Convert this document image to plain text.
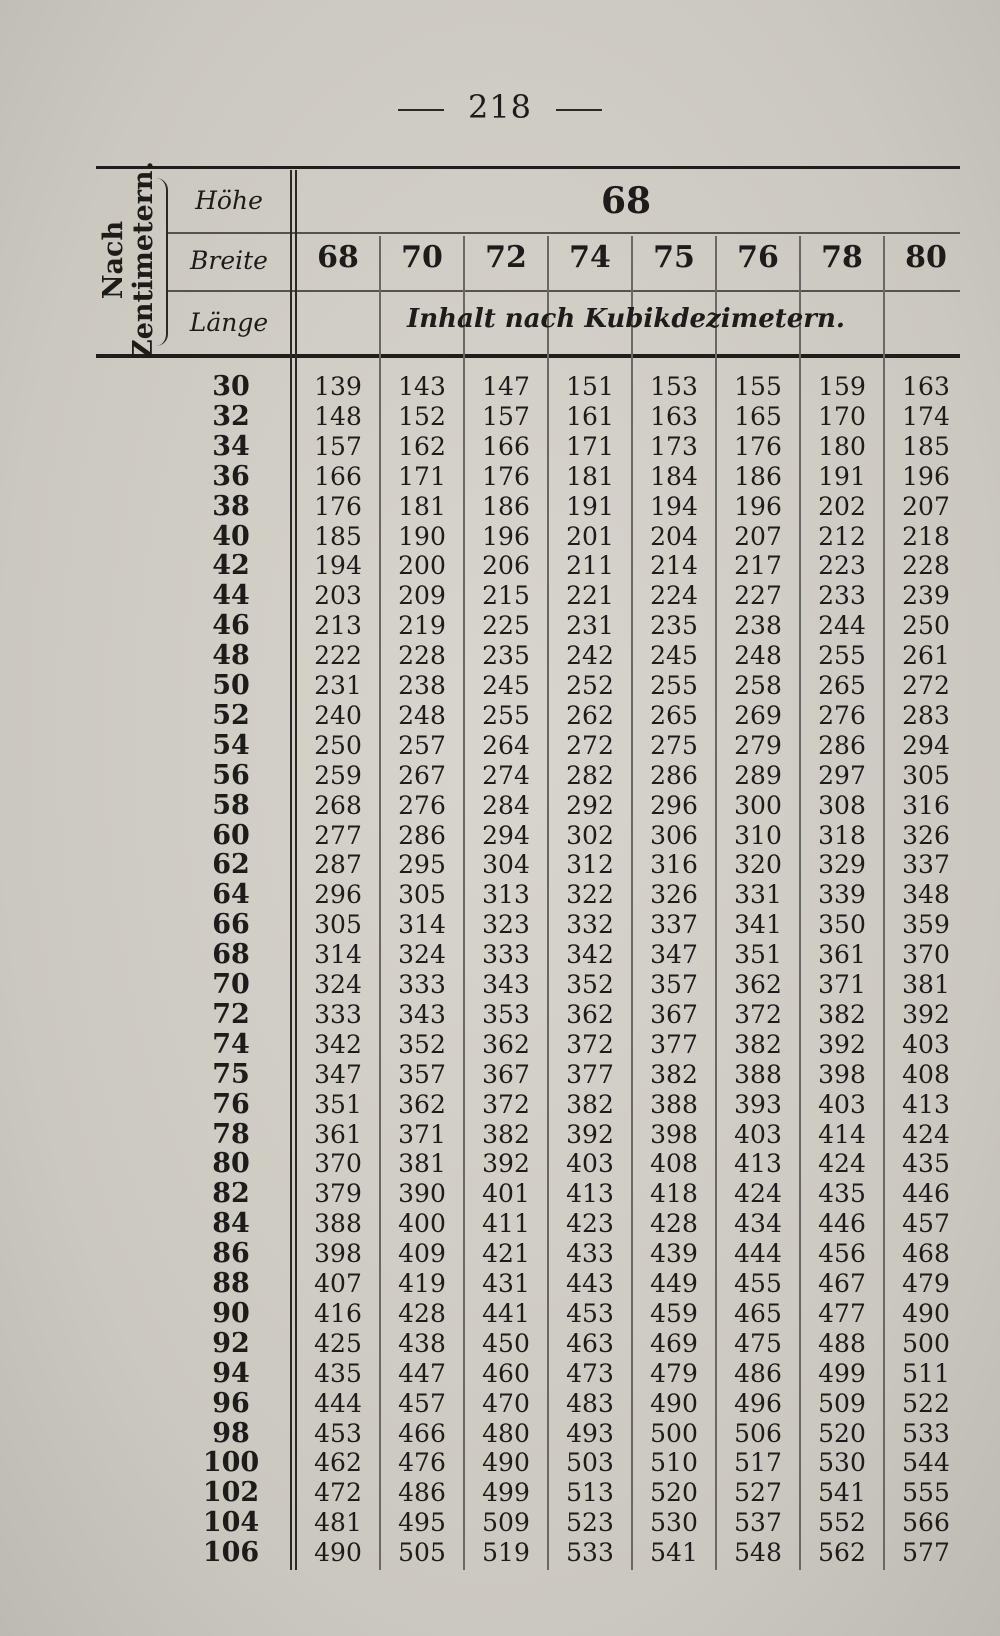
218
Nach Zentimetern.	Höhe
Breite
Länge
68
68	70	72	74	75	76	78	80
Inhalt nach Kubikdezimetern.
30	139	143	147	151	153	155	159	163
32	148	152	157	161	163	165	170	174
34	157	162	166	171	173	176	180	185
36	166	171	176	181	184	186	191	196
38	176	181	186	191	194	196	202	207
40	185	190	196	201	204	207	212	218
42	194	200	206	211	214	217	223	228
44	203	209	215	221	224	227	233	239
46	213	219	225	231	235	238	244	250
48	222	228	235	242	245	248	255	261
50	231	238	245	252	255	258	265	272
52	240	248	255	262	265	269	276	283
54	250	257	264	272	275	279	286	294
56	259	267	274	282	286	289	297	305
58	268	276	284	292	296	300	308	316
60	277	286	294	302	306	310	318	326
62	287	295	304	312	316	320	329	337
64	296	305	313	322	326	331	339	348
66	305	314	323	332	337	341	350	359
68	314	324	333	342	347	351	361	370
70	324	333	343	352	357	362	371	381
72	333	343	353	362	367	372	382	392
74	342	352	362	372	377	382	392	403
75	347	357	367	377	382	388	398	408
76	351	362	372	382	388	393	403	413
78	361	371	382	392	398	403	414	424
80	370	381	392	403	408	413	424	435
82	379	390	401	413	418	424	435	446
84	388	400	411	423	428	434	446	457
86	398	409	421	433	439	444	456	468
88	407	419	431	443	449	455	467	479
90	416	428	441	453	459	465	477	490
92	425	438	450	463	469	475	488	500
94	435	447	460	473	479	486	499	511
96	444	457	470	483	490	496	509	522
98	453	466	480	493	500	506	520	533
100	462	476	490	503	510	517	530	544
102	472	486	499	513	520	527	541	555
104	481	495	509	523	530	537	552	566
106	490	505	519	533	541	548	562	577
